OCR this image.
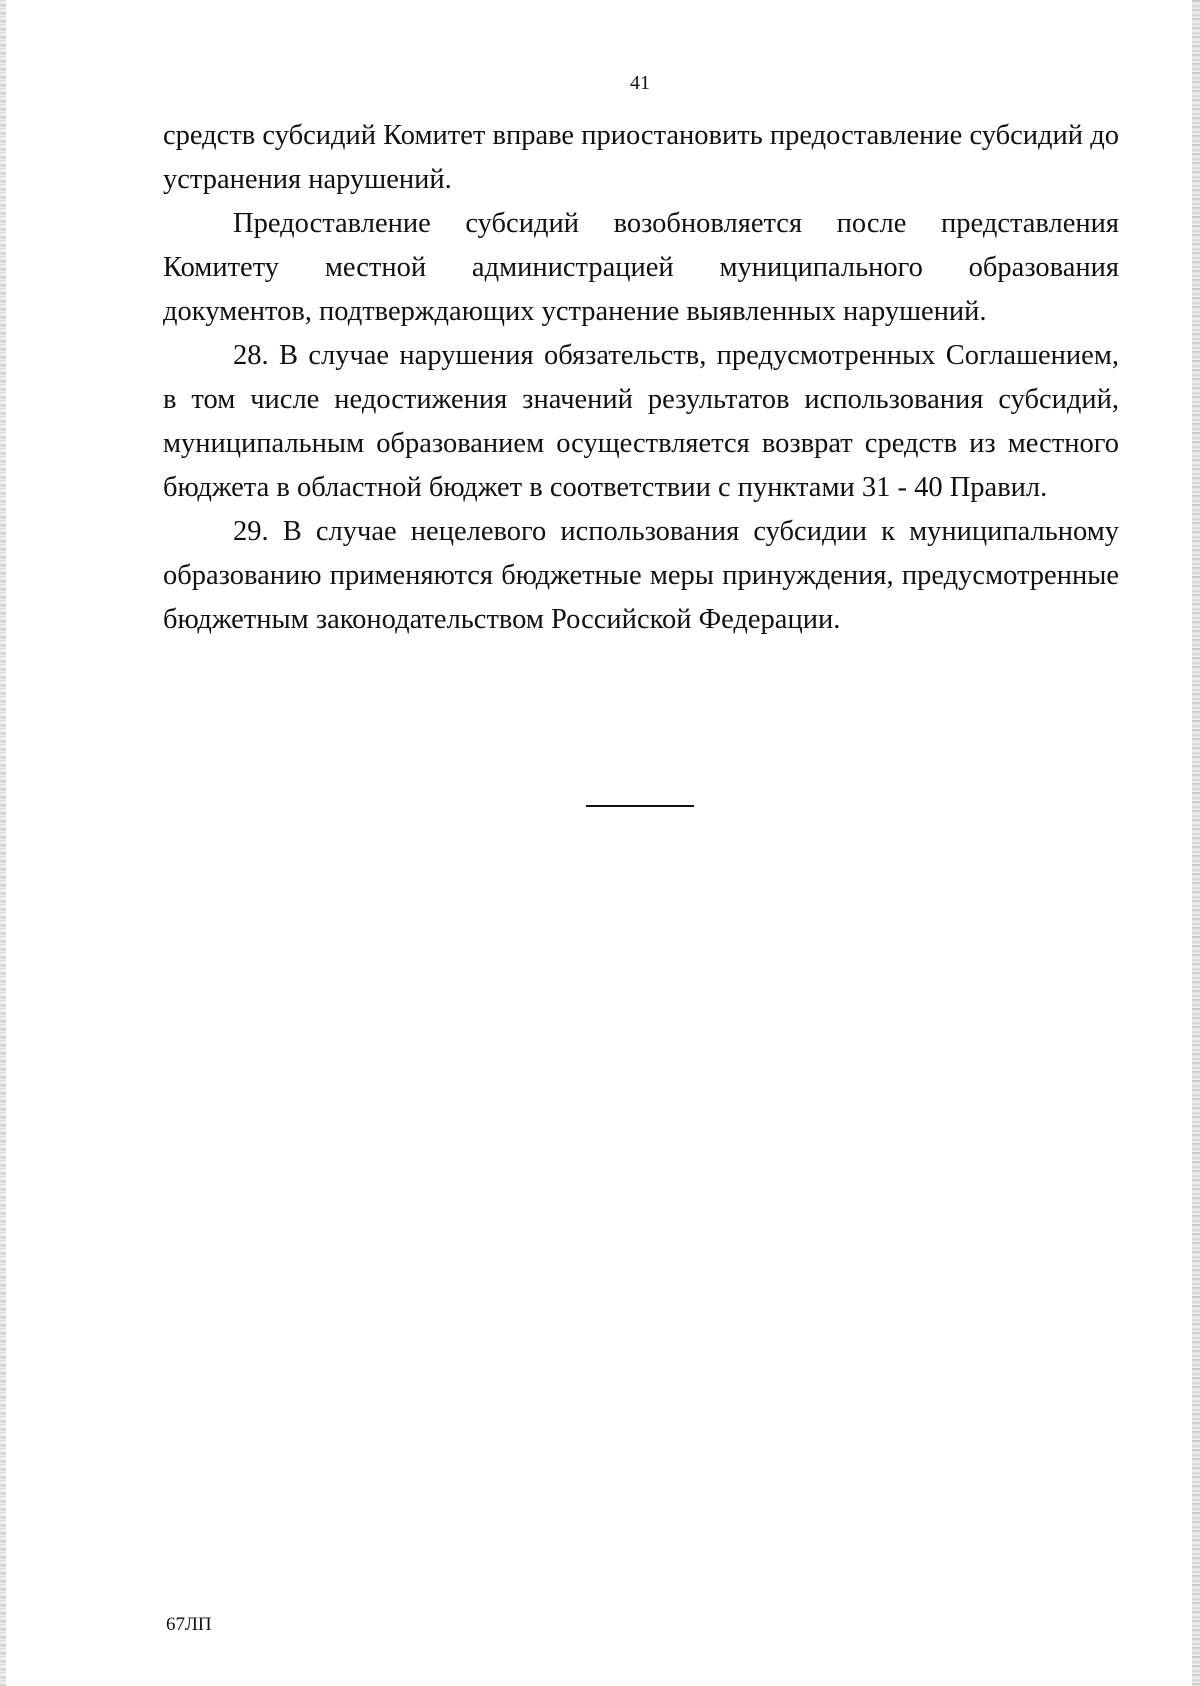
41

средств субсидий Комитет вправе приостановить предоставление субсидий до устранения нарушений.

Предоставление субсидий возобновляется после представления Комитету местной администрацией муниципального образования документов, подтверждающих устранение выявленных нарушений.

28. В случае нарушения обязательств, предусмотренных Соглашением, в том числе недостижения значений результатов использования субсидий, муниципальным образованием осуществляется возврат средств из местного бюджета в областной бюджет в соответствии с пунктами 31 - 40 Правил.

29. В случае нецелевого использования субсидии к муниципальному образованию применяются бюджетные меры принуждения, предусмотренные бюджетным законодательством Российской Федерации.

67ЛП
